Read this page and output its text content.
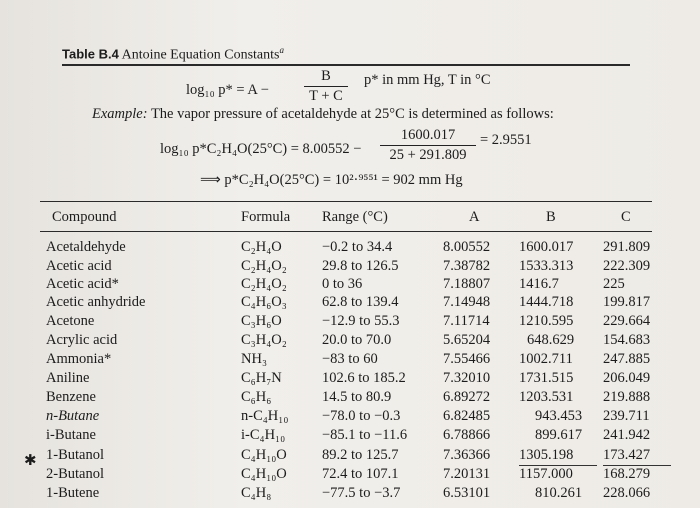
Table B.4 Antoine Equation Constants$^a$
log₁₀ p* = A −
B
T + C
p* in mm Hg, T in °C
Example: The vapor pressure of acetaldehyde at 25°C is determined as follows:
log₁₀ p*C₂H₄O(25°C) = 8.00552 −
1600.017
25 + 291.809
= 2.9551
⟹ p*C₂H₄O(25°C) = 10²·⁹⁵⁵¹ = 902 mm Hg
Compound	Formula Range (°C)	A	B	C
Acetaldehyde	C₂H₄O	−0.2 to 34.4	8.00552 1600.017 291.809
Acetic acid	C₂H₄O₂ 29.8 to 126.5	7.38782 1533.313 222.309
Acetic acid*	C₂H₄O₂ 0 to 36	7.18807 1416.7	225
Acetic anhydride	C₄H₆O₃ 62.8 to 139.4	7.14948 1444.718 199.817
Acetone	C₃H₆O	−12.9 to 55.3	7.11714 1210.595 229.664
Acrylic acid	C₃H₄O₂ 20.0 to 70.0	5.65204	648.629 154.683
Ammonia*	NH₃	−83 to 60	7.55466 1002.711 247.885
Aniline	C₆H₇N	102.6 to 185.2	7.32010 1731.515 206.049
Benzene	C₆H₆	14.5 to 80.9	6.89272 1203.531 219.888
n-Butane	n-C₄H₁₀ −78.0 to −0.3	6.82485	943.453 239.711
i-Butane	i-C₄H₁₀	−85.1 to −11.6 6.78866	899.617 241.942
1-Butanol	C₄H₁₀O 89.2 to 125.7	7.36366 1305.198 173.427
2-Butanol	C₄H₁₀O 72.4 to 107.1	7.20131 1157.000 168.279
1-Butene	C₄H₈	−77.5 to −3.7	6.53101	810.261 228.066
✱
